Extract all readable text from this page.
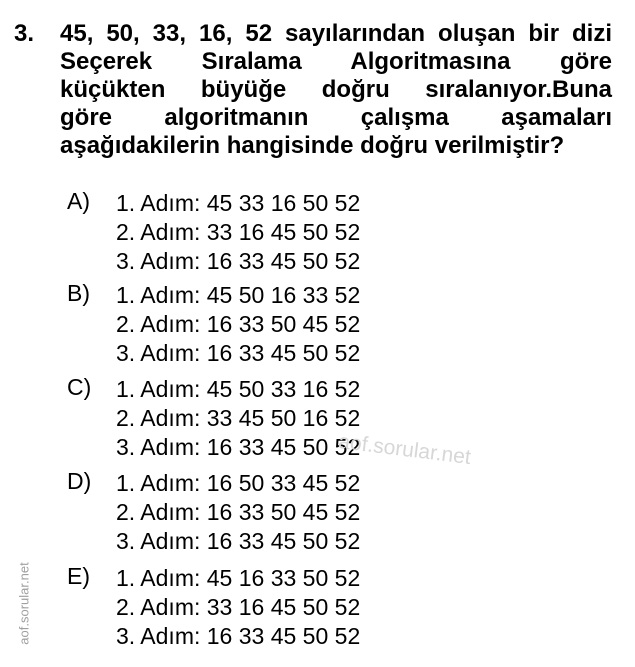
3. 45, 50, 33, 16, 52 sayılarından oluşan bir dizi
Seçerek Sıralama Algoritmasına göre
küçükten büyüğe doğru sıralanıyor.Buna
göre algoritmanın çalışma aşamaları
aşağıdakilerin hangisinde doğru verilmiştir?
A) 1. Adım: 45 33 16 50 52
2. Adım: 33 16 45 50 52
3. Adım: 16 33 45 50 52
B) 1. Adım: 45 50 16 33 52
2. Adım: 16 33 50 45 52
3. Adım: 16 33 45 50 52
C) 1. Adım: 45 50 33 16 52
2. Adım: 33 45 50 16 52
3. Adım: 16 33 45 50 52
D) 1. Adım: 16 50 33 45 52
2. Adım: 16 33 50 45 52
3. Adım: 16 33 45 50 52
E) 1. Adım: 45 16 33 50 52
2. Adım: 33 16 45 50 52
3. Adım: 16 33 45 50 52
aof.sorular.net
aof.sorular.net
